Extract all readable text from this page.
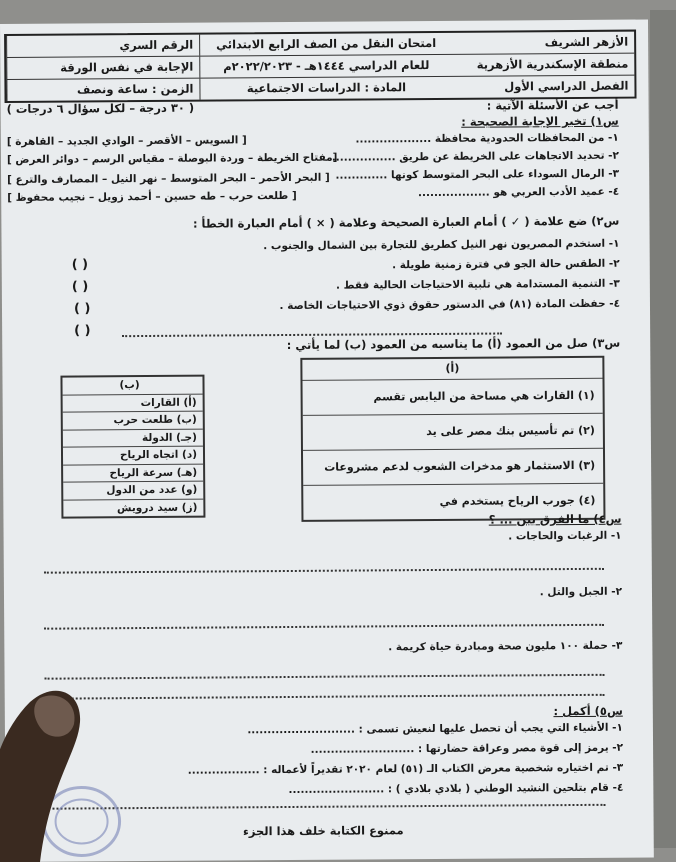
الأزهر الشريف
امتحان النقل من الصف الرابع الابتدائي
الرقم السري
منطقة الإسكندرية الأزهرية
للعام الدراسي ١٤٤٤هـ - ٢٠٢٢/٢٠٢٣م
الإجابة في نفس الورقة
الفصل الدراسي الأول
المادة : الدراسات الاجتماعية
الزمن : ساعة ونصف
أجب عن الأسئلة الآتية :
( ٣٠ درجة – لكل سؤال ٦ درجات )
س١) تخير الإجابة الصحيحة :
١- من المحافظات الحدودية محافظة ...................
[ السويس – الأقصر – الوادي الجديد – القاهرة ]
٢- تحديد الاتجاهات على الخريطة عن طريق ................
[مفتاح الخريطة – وردة البوصلة – مقياس الرسم – دوائر العرض ]
٣- الرمال السوداء على البحر المتوسط كونها .............
[ البحر الأحمر – البحر المتوسط – نهر النيل – المصارف والترع ]
٤- عميد الأدب العربي هو ..................
[ طلعت حرب – طه حسين – أحمد زويل – نجيب محفوظ ]
س٢) ضع علامة ( ✓ ) أمام العبارة الصحيحة وعلامة ( × ) أمام العبارة الخطأ :
١- استخدم المصريون نهر النيل كطريق للتجارة بين الشمال والجنوب .
٢- الطقس حالة الجو في فترة زمنية طويلة .
٣- التنمية المستدامة هي تلبية الاحتياجات الحالية فقط .
٤- حفظت المادة (٨١) في الدستور حقوق ذوي الاحتياجات الخاصة .
( )
( )
( )
( )
س٣) صل من العمود (أ) ما يناسبه من العمود (ب) لما يأتي :
(أ)
(١) القارات هي مساحة من اليابس تقسم
(٢) تم تأسيس بنك مصر على يد
(٣) الاستثمار هو مدخرات الشعوب لدعم مشروعات
(٤) جورب الرياح يستخدم في
(ب)
(أ) القارات
(ب) طلعت حرب
(جـ) الدولة
(د) اتجاه الرياح
(هـ) سرعة الرياح
(و) عدد من الدول
(ز) سيد درويش
س٤) ما الفرق بين ... ؟
١- الرغبات والحاجات .
٢- الجبل والتل .
٣- حملة ١٠٠ مليون صحة ومبادرة حياة كريمة .
س٥) أكمل :
١- الأشياء التي يجب أن تحصل عليها لنعيش تسمى : ...........................
٢- يرمز إلى قوة مصر وعراقة حضارتها : ..........................
٣- تم اختياره شخصية معرض الكتاب الـ (٥١) لعام ٢٠٢٠ تقديراً لأعماله : ..................
٤- قام بتلحين النشيد الوطني ( بلادي بلادي ) : ........................
ممنوع الكتابة خلف هذا الجزء
